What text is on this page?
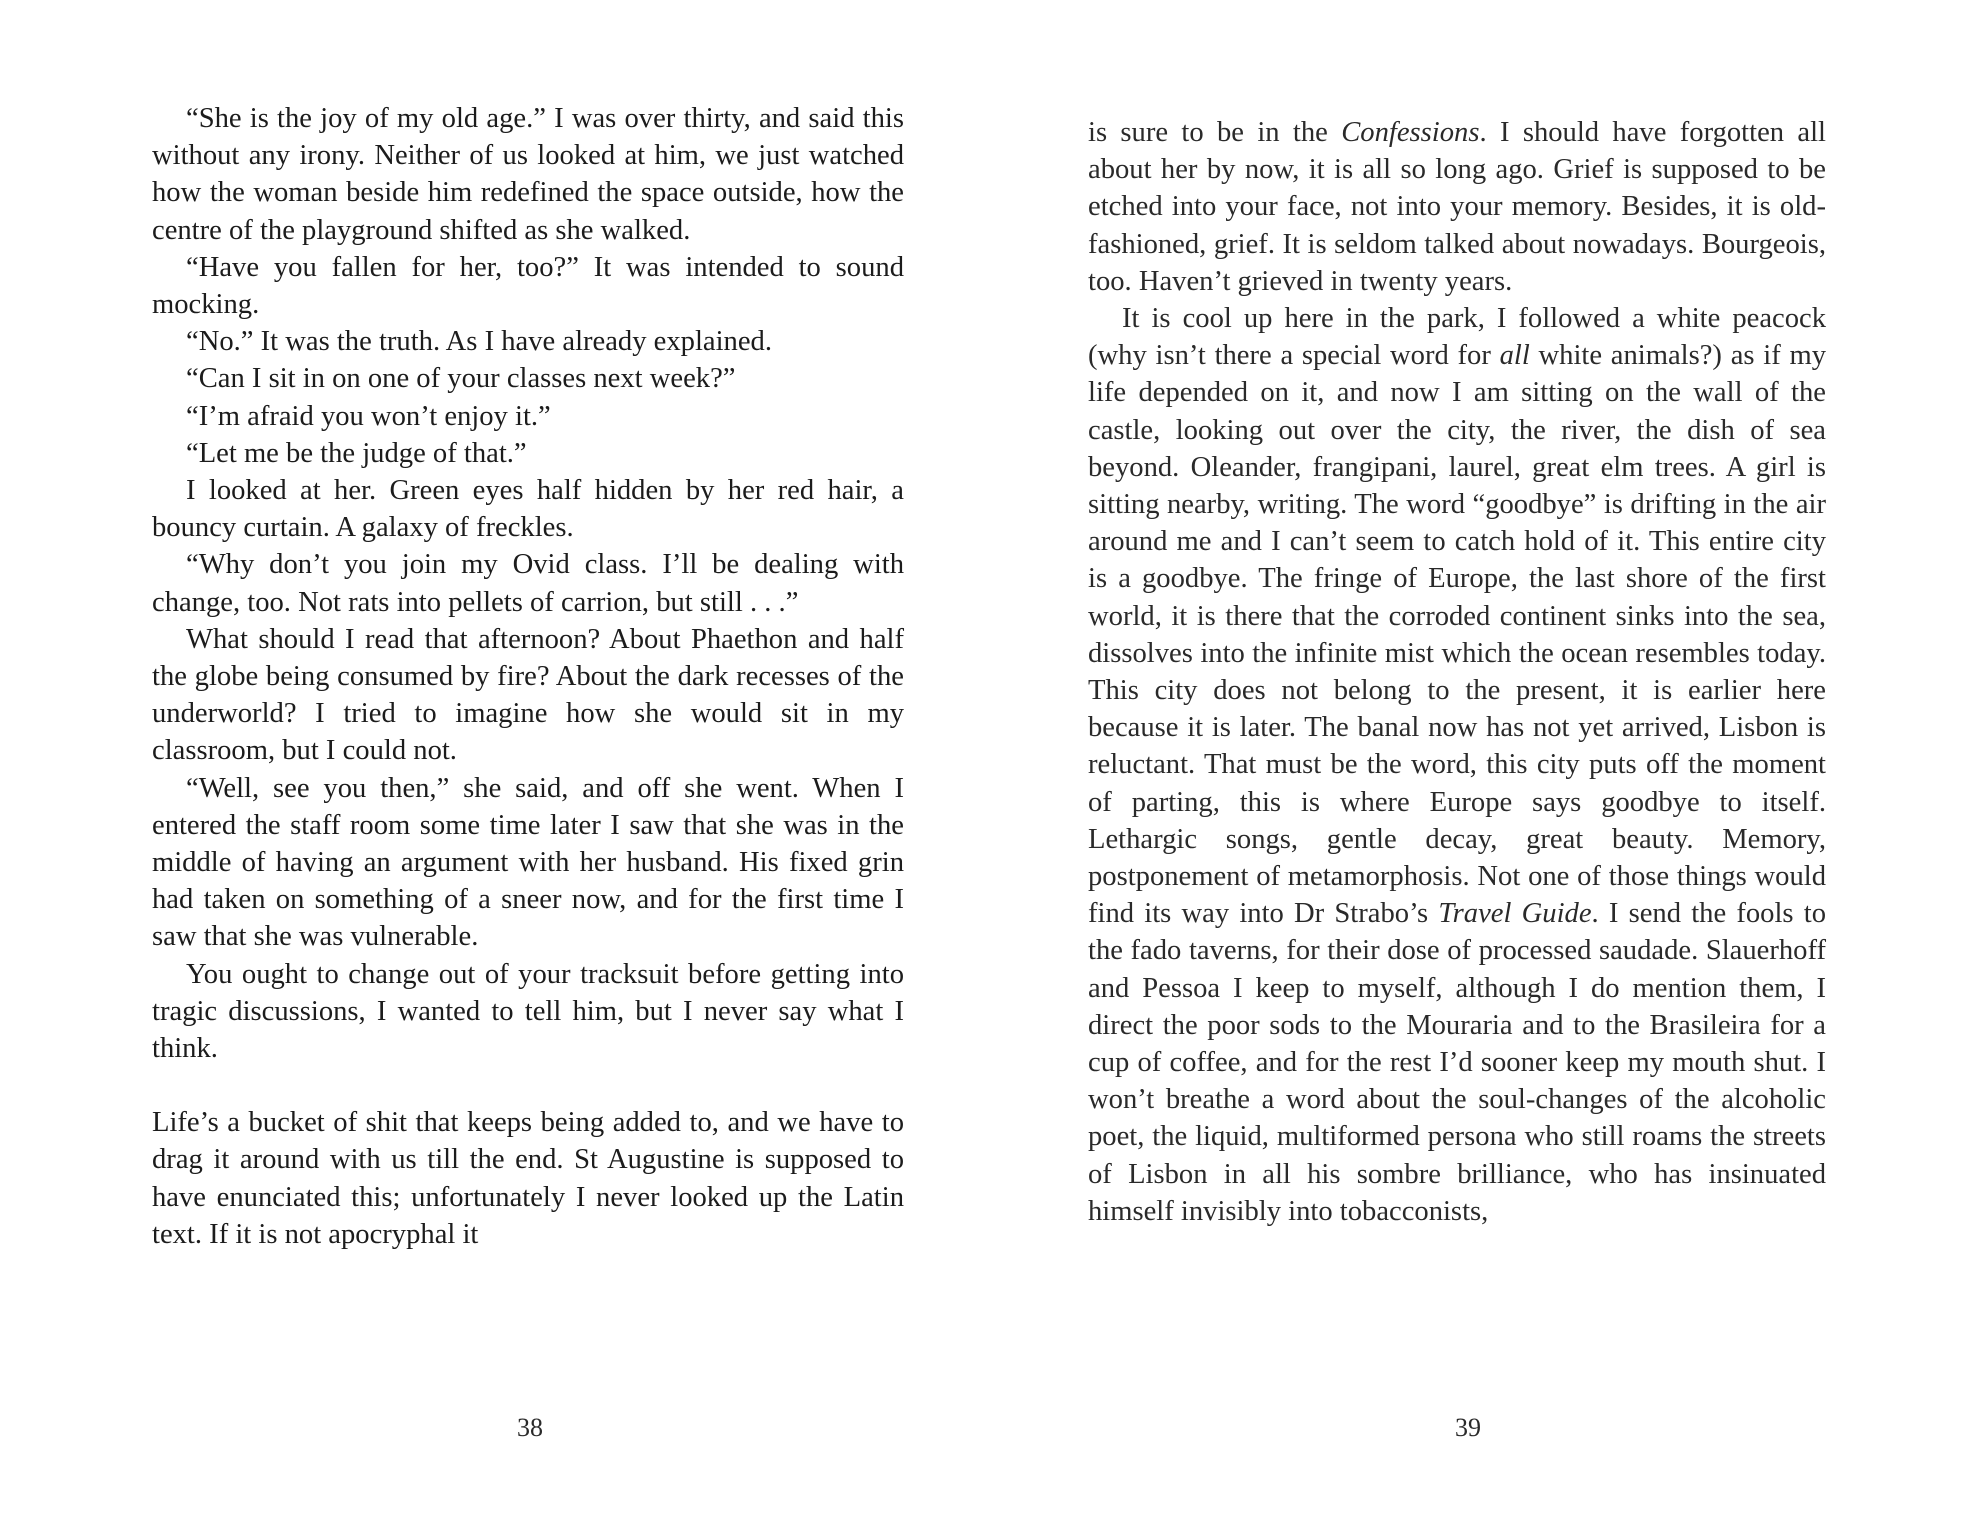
“She is the joy of my old age.” I was over thirty, and said this without any irony. Neither of us looked at him, we just watched how the woman beside him redefined the space outside, how the centre of the playground shifted as she walked.

“Have you fallen for her, too?” It was intended to sound mocking.

“No.” It was the truth. As I have already explained.

“Can I sit in on one of your classes next week?”

“I’m afraid you won’t enjoy it.”

“Let me be the judge of that.”

I looked at her. Green eyes half hidden by her red hair, a bouncy curtain. A galaxy of freckles.

“Why don’t you join my Ovid class. I’ll be dealing with change, too. Not rats into pellets of carrion, but still . . .”

What should I read that afternoon? About Phaethon and half the globe being consumed by fire? About the dark recesses of the underworld? I tried to imagine how she would sit in my classroom, but I could not.

“Well, see you then,” she said, and off she went. When I entered the staff room some time later I saw that she was in the middle of having an argument with her husband. His fixed grin had taken on something of a sneer now, and for the first time I saw that she was vulnerable.

You ought to change out of your tracksuit before getting into tragic discussions, I wanted to tell him, but I never say what I think.

Life’s a bucket of shit that keeps being added to, and we have to drag it around with us till the end. St Augustine is supposed to have enunciated this; unfortunately I never looked up the Latin text. If it is not apocryphal it

38

is sure to be in the Confessions. I should have forgotten all about her by now, it is all so long ago. Grief is supposed to be etched into your face, not into your memory. Besides, it is old-fashioned, grief. It is seldom talked about nowadays. Bourgeois, too. Haven’t grieved in twenty years.

It is cool up here in the park, I followed a white peacock (why isn’t there a special word for all white animals?) as if my life depended on it, and now I am sitting on the wall of the castle, looking out over the city, the river, the dish of sea beyond. Oleander, frangipani, laurel, great elm trees. A girl is sitting nearby, writing. The word “goodbye” is drifting in the air around me and I can’t seem to catch hold of it. This entire city is a goodbye. The fringe of Europe, the last shore of the first world, it is there that the corroded continent sinks into the sea, dissolves into the infinite mist which the ocean resembles today. This city does not belong to the present, it is earlier here because it is later. The banal now has not yet arrived, Lisbon is reluctant. That must be the word, this city puts off the moment of parting, this is where Europe says goodbye to itself. Lethargic songs, gentle decay, great beauty. Memory, postponement of metamorphosis. Not one of those things would find its way into Dr Strabo’s Travel Guide. I send the fools to the fado taverns, for their dose of processed saudade. Slauerhoff and Pessoa I keep to myself, although I do mention them, I direct the poor sods to the Mouraria and to the Brasileira for a cup of coffee, and for the rest I’d sooner keep my mouth shut. I won’t breathe a word about the soul-changes of the alcoholic poet, the liquid, multiformed persona who still roams the streets of Lisbon in all his sombre brilliance, who has insinuated himself invisibly into tobacconists,

39
